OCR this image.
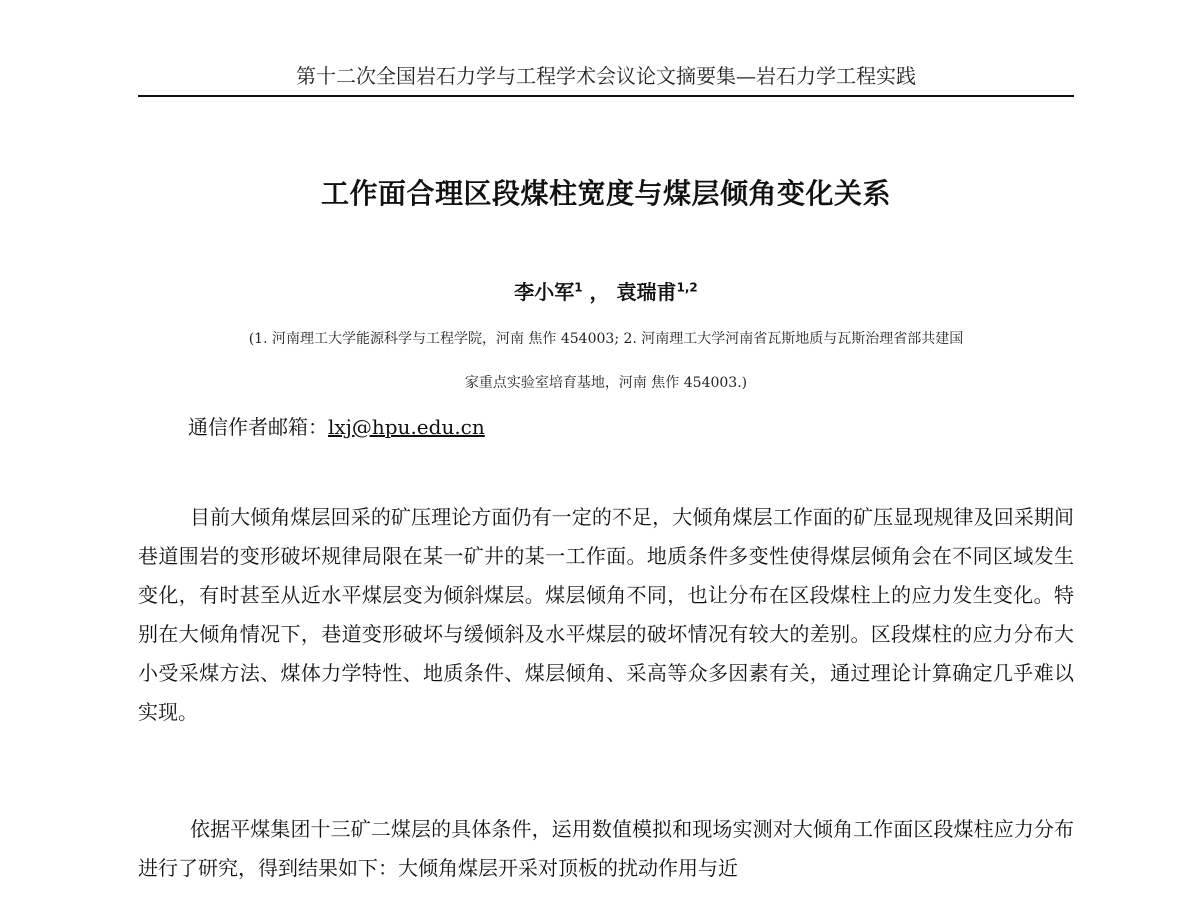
第十二次全国岩石力学与工程学术会议论文摘要集—岩石力学工程实践
工作面合理区段煤柱宽度与煤层倾角变化关系
李小军$^1$ ， 袁瑞甫$^{1,2}$
(1. 河南理工大学能源科学与工程学院，河南 焦作 454003; 2. 河南理工大学河南省瓦斯地质与瓦斯治理省部共建国
家重点实验室培育基地，河南 焦作 454003.)
通信作者邮箱：lxj@hpu.edu.cn

目前大倾角煤层回采的矿压理论方面仍有一定的不足，大倾角煤层工作面的矿压显现规律及回采期间巷道围岩的变形破坏规律局限在某一矿井的某一工作面。地质条件多变性使得煤层倾角会在不同区域发生变化，有时甚至从近水平煤层变为倾斜煤层。煤层倾角不同，也让分布在区段煤柱上的应力发生变化。特别在大倾角情况下，巷道变形破坏与缓倾斜及水平煤层的破坏情况有较大的差别。区段煤柱的应力分布大小受采煤方法、煤体力学特性、地质条件、煤层倾角、采高等众多因素有关，通过理论计算确定几乎难以实现。

依据平煤集团十三矿二煤层的具体条件，运用数值模拟和现场实测对大倾角工作面区段煤柱应力分布进行了研究，得到结果如下：大倾角煤层开采对顶板的扰动作用与近
